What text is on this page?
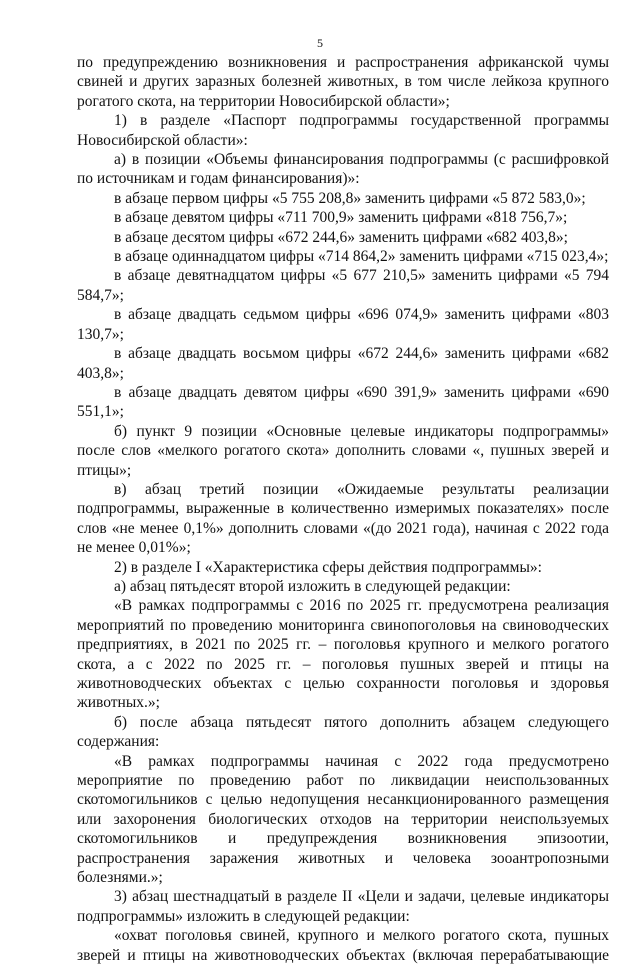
5

по предупреждению возникновения и распространения африканской чумы свиней и других заразных болезней животных, в том числе лейкоза крупного рогатого скота, на территории Новосибирской области»;

1) в разделе «Паспорт подпрограммы государственной программы Новосибирской области»:

а) в позиции «Объемы финансирования подпрограммы (с расшифровкой по источникам и годам финансирования)»:

в абзаце первом цифры «5 755 208,8» заменить цифрами «5 872 583,0»;

в абзаце девятом цифры «711 700,9» заменить цифрами «818 756,7»;

в абзаце десятом цифры «672 244,6» заменить цифрами «682 403,8»;

в абзаце одиннадцатом цифры «714 864,2» заменить цифрами «715 023,4»;

в абзаце девятнадцатом цифры «5 677 210,5» заменить цифрами «5 794 584,7»;

в абзаце двадцать седьмом цифры «696 074,9» заменить цифрами «803 130,7»;

в абзаце двадцать восьмом цифры «672 244,6» заменить цифрами «682 403,8»;

в абзаце двадцать девятом цифры «690 391,9» заменить цифрами «690 551,1»;

б) пункт 9 позиции «Основные целевые индикаторы подпрограммы» после слов «мелкого рогатого скота» дополнить словами «, пушных зверей и птицы»;

в) абзац третий позиции «Ожидаемые результаты реализации подпрограммы, выраженные в количественно измеримых показателях» после слов «не менее 0,1%» дополнить словами «(до 2021 года), начиная с 2022 года не менее 0,01%»;

2) в разделе I «Характеристика сферы действия подпрограммы»:

а) абзац пятьдесят второй изложить в следующей редакции:

«В рамках подпрограммы с 2016 по 2025 гг. предусмотрена реализация мероприятий по проведению мониторинга свинопоголовья на свиноводческих предприятиях, в 2021 по 2025 гг. – поголовья крупного и мелкого рогатого скота, а с 2022 по 2025 гг. – поголовья пушных зверей и птицы на животноводческих объектах с целью сохранности поголовья и здоровья животных.»;

б) после абзаца пятьдесят пятого дополнить абзацем следующего содержания:

«В рамках подпрограммы начиная с 2022 года предусмотрено мероприятие по проведению работ по ликвидации неиспользованных скотомогильников с целью недопущения несанкционированного размещения или захоронения биологических отходов на территории неиспользуемых скотомогильников и предупреждения возникновения эпизоотии, распространения заражения животных и человека зооантропозными болезнями.»;

3) абзац шестнадцатый в разделе II «Цели и задачи, целевые индикаторы подпрограммы» изложить в следующей редакции:

«охват поголовья свиней, крупного и мелкого рогатого скота, пушных зверей и птицы на животноводческих объектах (включая перерабатывающие
